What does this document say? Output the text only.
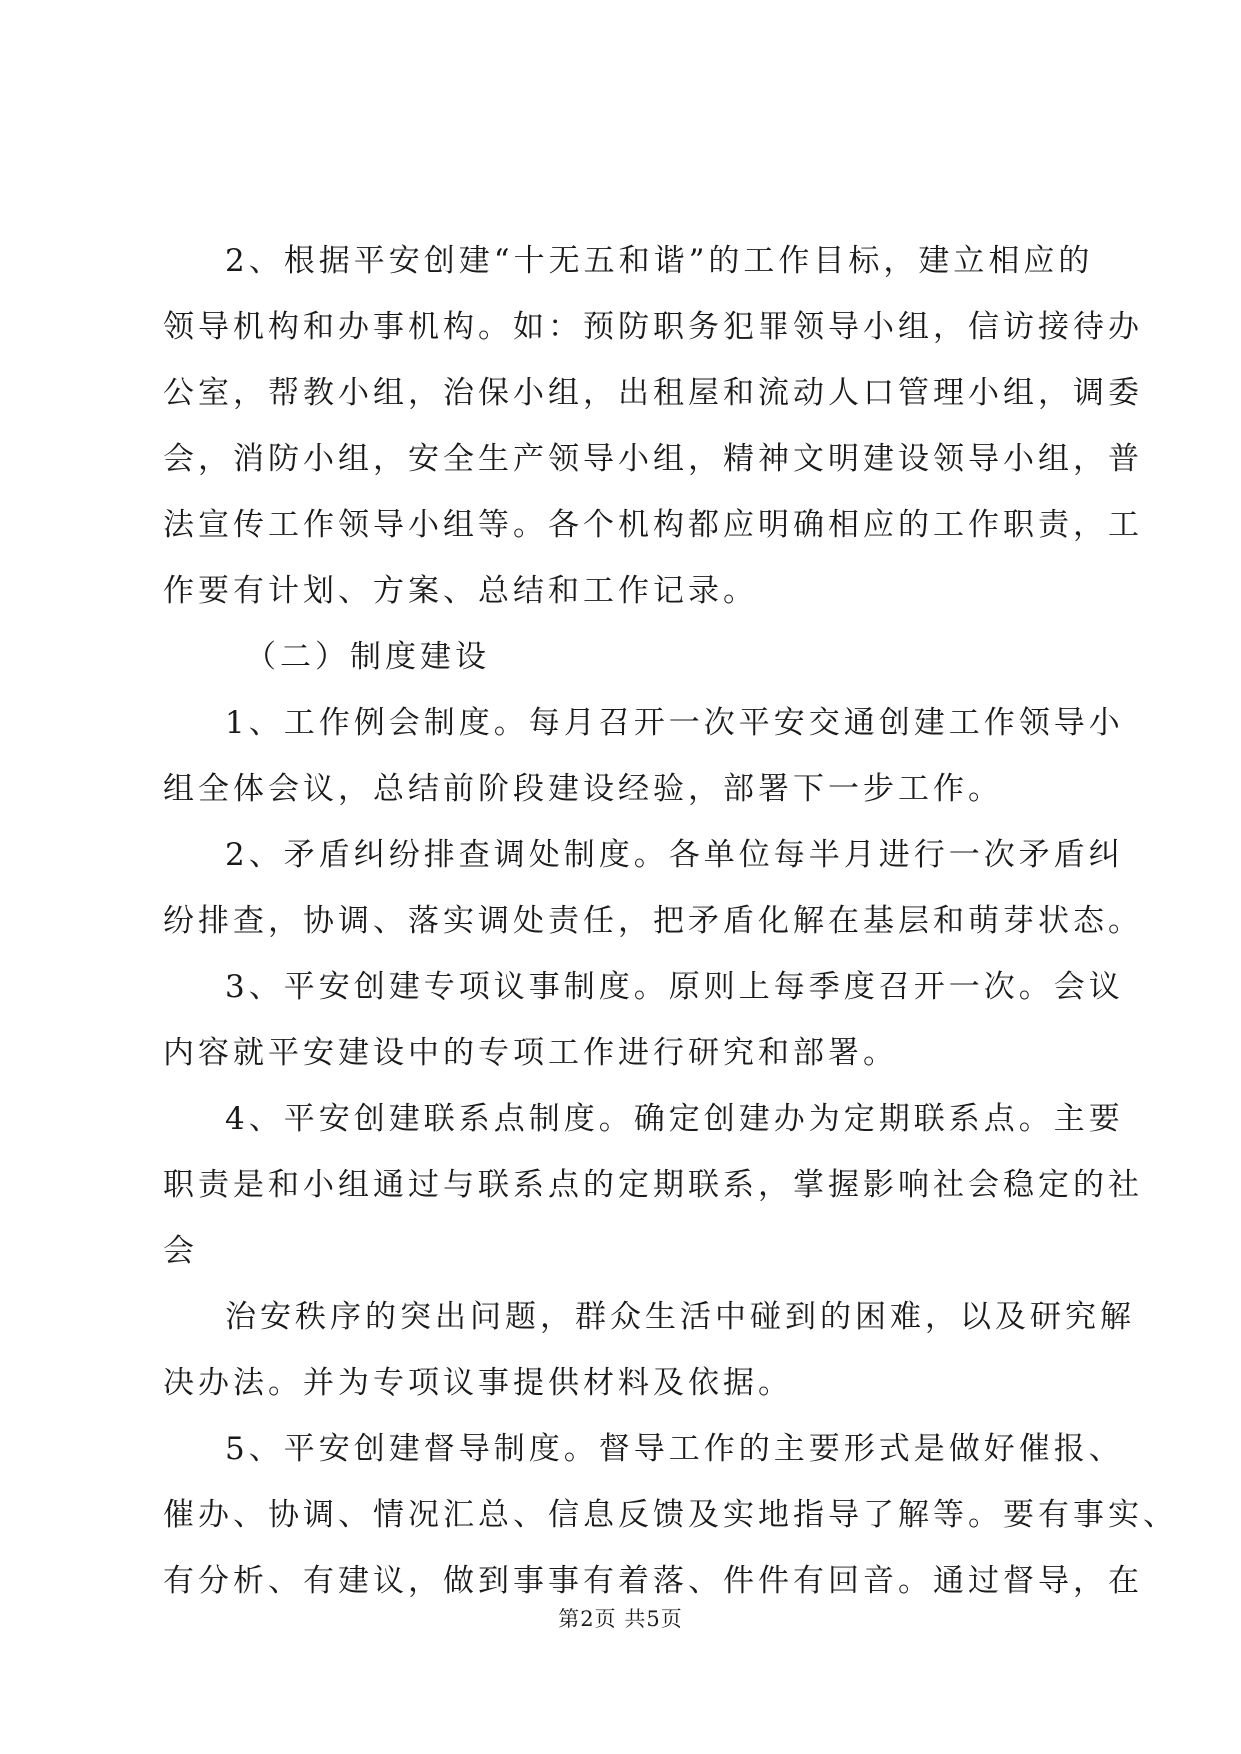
2、根据平安创建“十无五和谐”的工作目标，建立相应的
领导机构和办事机构。如：预防职务犯罪领导小组，信访接待办
公室，帮教小组，治保小组，出租屋和流动人口管理小组，调委
会，消防小组，安全生产领导小组，精神文明建设领导小组，普
法宣传工作领导小组等。各个机构都应明确相应的工作职责，工
作要有计划、方案、总结和工作记录。
（二）制度建设
1、工作例会制度。每月召开一次平安交通创建工作领导小
组全体会议，总结前阶段建设经验，部署下一步工作。
2、矛盾纠纷排查调处制度。各单位每半月进行一次矛盾纠
纷排查，协调、落实调处责任，把矛盾化解在基层和萌芽状态。
3、平安创建专项议事制度。原则上每季度召开一次。会议
内容就平安建设中的专项工作进行研究和部署。
4、平安创建联系点制度。确定创建办为定期联系点。主要
职责是和小组通过与联系点的定期联系，掌握影响社会稳定的社
会
治安秩序的突出问题，群众生活中碰到的困难，以及研究解
决办法。并为专项议事提供材料及依据。
5、平安创建督导制度。督导工作的主要形式是做好催报、
催办、协调、情况汇总、信息反馈及实地指导了解等。要有事实、
有分析、有建议，做到事事有着落、件件有回音。通过督导，在
第2页 共5页
